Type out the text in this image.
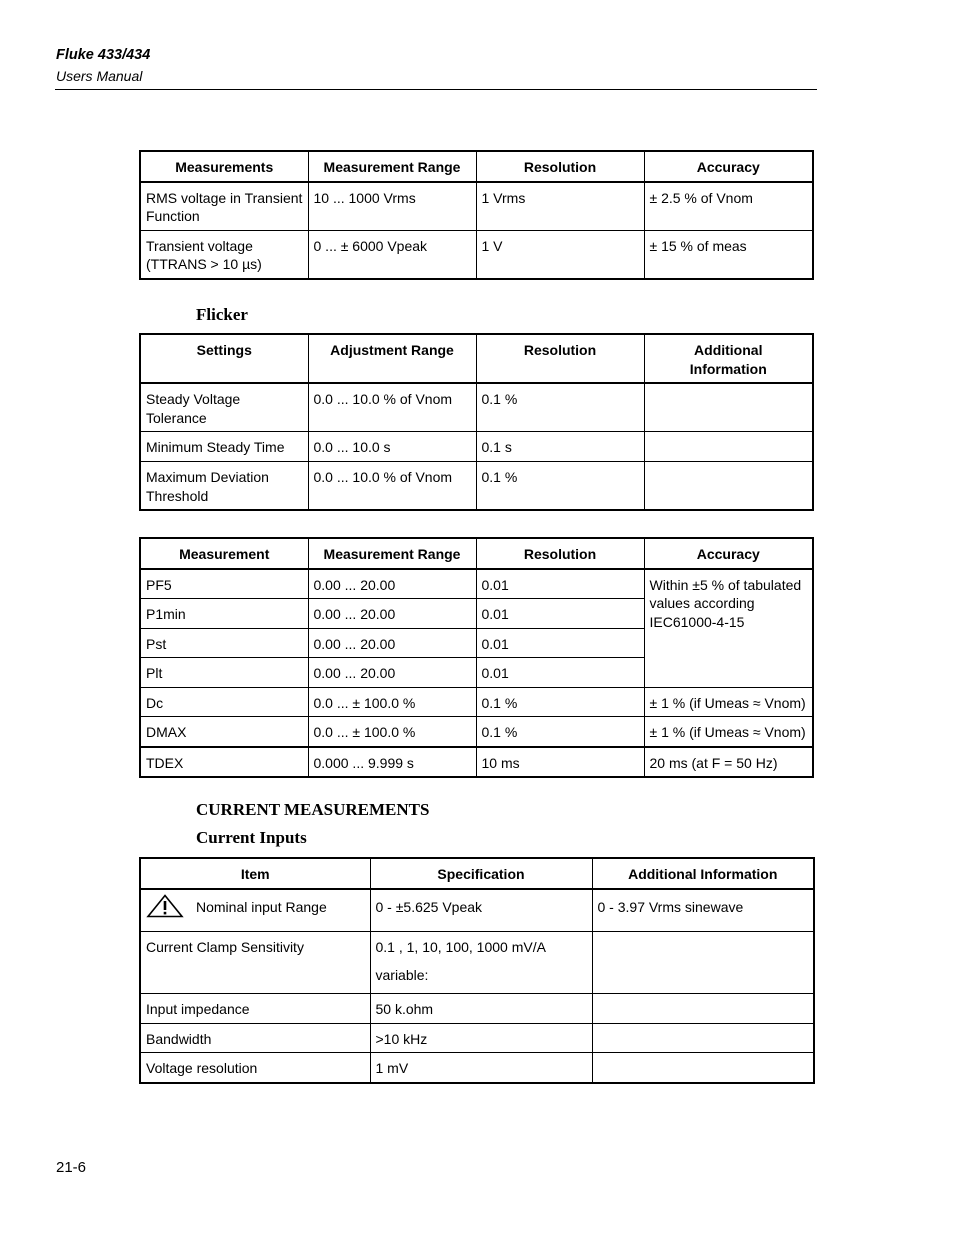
Fluke 433/434
Users Manual
Measurements	Measurement Range	Resolution	Accuracy

RMS voltage in Transient Function	10 ... 1000 Vrms	1 Vrms	± 2.5 % of Vnom

Transient voltage (TTRANS > 10 µs)	0 ... ± 6000 Vpeak	1 V	± 15 % of meas
Flicker
Settings	Adjustment Range	Resolution	Additional Information

Steady Voltage Tolerance	0.0 ... 10.0 % of Vnom	0.1 %	

Minimum Steady Time	0.0 ... 10.0 s	0.1 s	

Maximum Deviation Threshold	0.0 ... 10.0 % of Vnom	0.1 %	

Measurement	Measurement Range	Resolution	Accuracy

PF5	0.00 ... 20.00	0.01	Within ±5 % of tabulated values according IEC61000-4-15

P1min	0.00 ... 20.00	0.01	

Pst	0.00 ... 20.00	0.01	

Plt	0.00 ... 20.00	0.01	

Dc	0.0 ... ± 100.0 %	0.1 %	± 1 % (if Umeas ≈ Vnom)

DMAX	0.0 ... ± 100.0 %	0.1 %	± 1 % (if Umeas ≈ Vnom)

TDEX	0.000 ... 9.999 s	10 ms	20 ms (at F = 50 Hz)
CURRENT MEASUREMENTS
Current Inputs
Item	Specification	Additional Information

Nominal input Range	0 - ±5.625 Vpeak	0 - 3.97 Vrms sinewave

Current Clamp Sensitivity	0.1 , 1, 10, 100, 1000 mV/A
variable:	

Input impedance	50 k.ohm	

Bandwidth	>10 kHz	

Voltage resolution	1 mV	

21-6
